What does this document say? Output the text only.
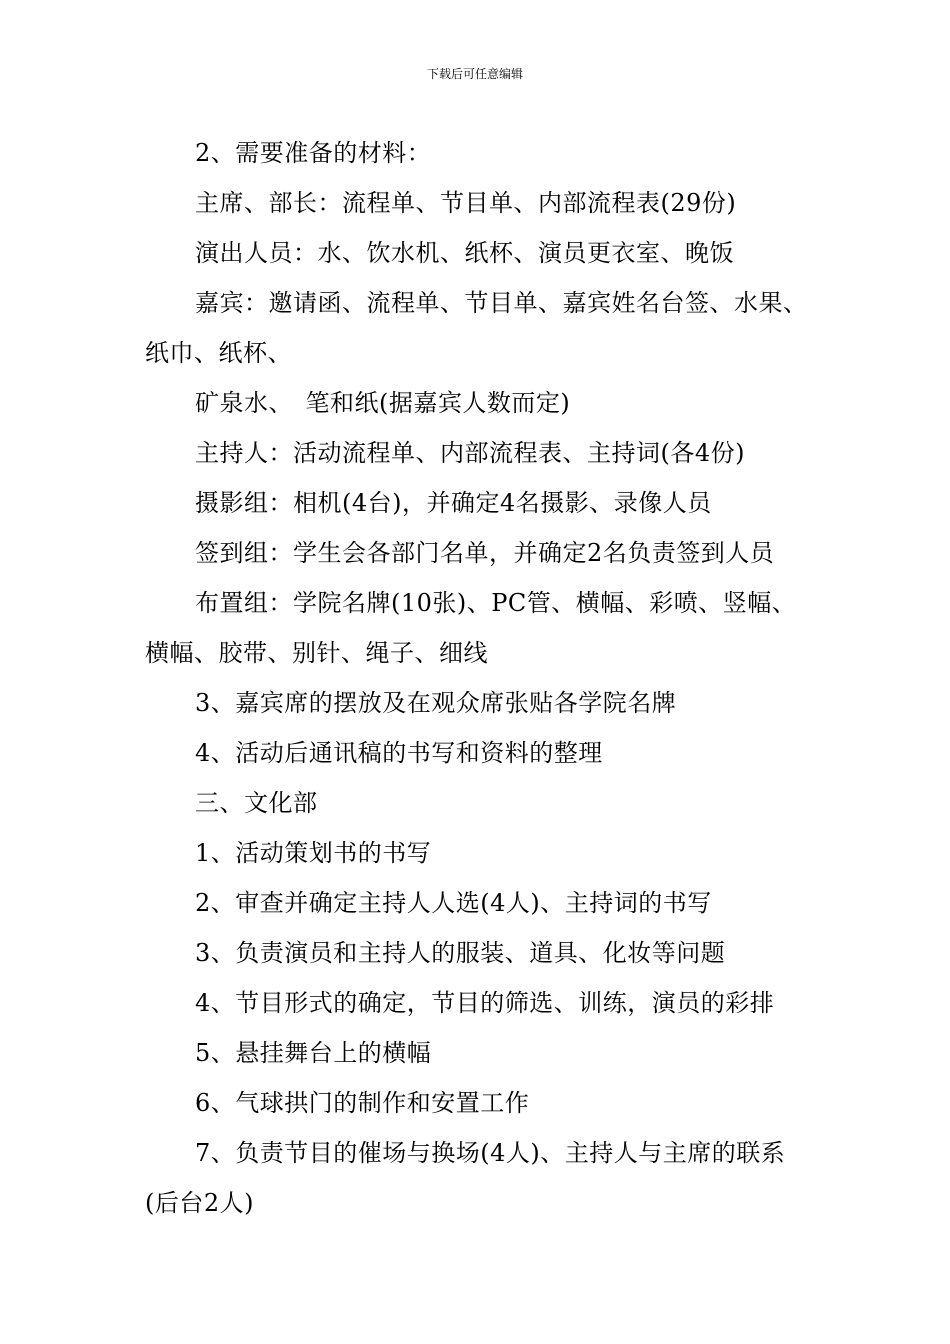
下载后可任意编辑

2、需要准备的材料：

主席、部长：流程单、节目单、内部流程表(29份)

演出人员：水、饮水机、纸杯、演员更衣室、晚饭

嘉宾：邀请函、流程单、节目单、嘉宾姓名台签、水果、纸巾、纸杯、

矿泉水、　笔和纸(据嘉宾人数而定)

主持人：活动流程单、内部流程表、主持词(各4份)

摄影组：相机(4台)，并确定4名摄影、录像人员

签到组：学生会各部门名单，并确定2名负责签到人员

布置组：学院名牌(10张)、PC管、横幅、彩喷、竖幅、横幅、胶带、别针、绳子、细线

3、嘉宾席的摆放及在观众席张贴各学院名牌

4、活动后通讯稿的书写和资料的整理

三、文化部

1、活动策划书的书写

2、审查并确定主持人人选(4人)、主持词的书写

3、负责演员和主持人的服装、道具、化妆等问题

4、节目形式的确定，节目的筛选、训练，演员的彩排

5、悬挂舞台上的横幅

6、气球拱门的制作和安置工作

7、负责节目的催场与换场(4人)、主持人与主席的联系(后台2人)
